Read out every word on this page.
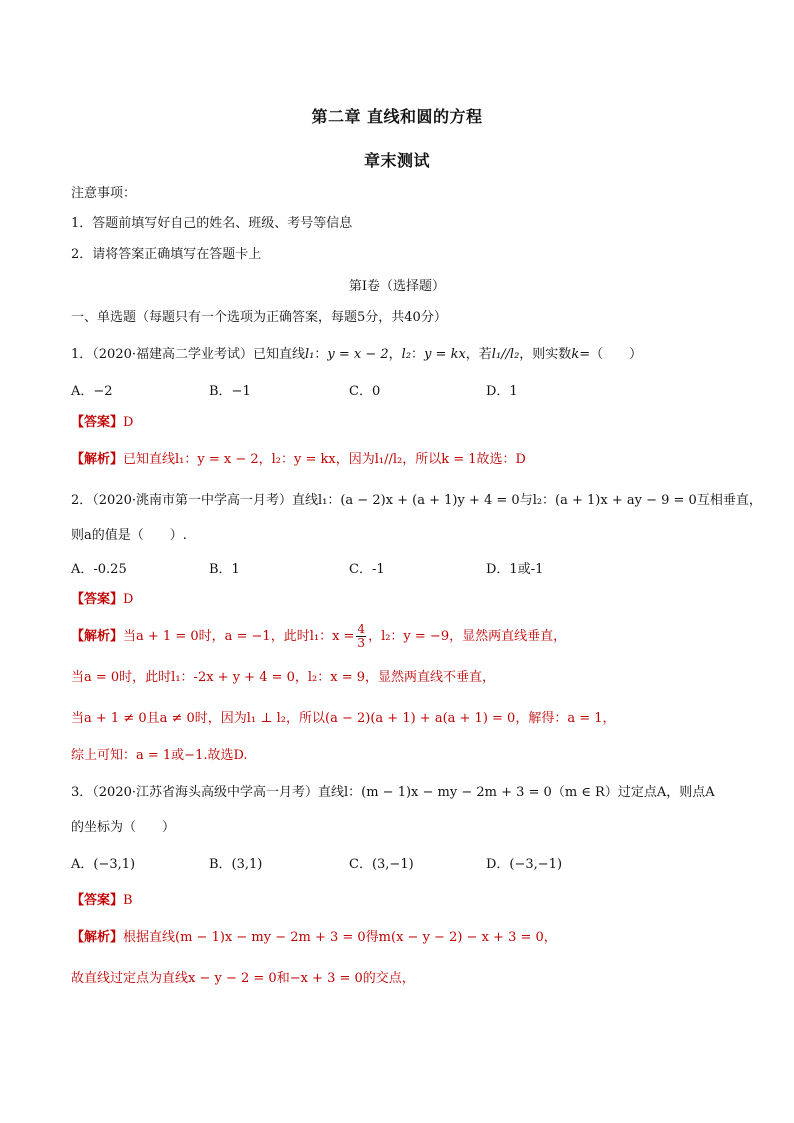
第二章 直线和圆的方程
章末测试
注意事项：
1．答题前填写好自己的姓名、班级、考号等信息
2．请将答案正确填写在答题卡上
第I卷（选择题）
一、单选题（每题只有一个选项为正确答案，每题5分，共40分）
1．（2020·福建高二学业考试）已知直线l₁：y = x − 2，l₂：y = kx，若l₁//l₂，则实数k=（　　）
A．−2	B．−1	C．0	D．1
【答案】D
【解析】已知直线l₁：y = x − 2，l₂：y = kx，因为l₁//l₂，所以k = 1故选：D
2．（2020·洮南市第一中学高一月考）直线l₁：(a − 2)x + (a + 1)y + 4 = 0与l₂：(a + 1)x + ay − 9 = 0互相垂直，
则a的值是（　　）.
A．-0.25	B．1	C．-1	D．1或-1
【答案】D
【解析】当a + 1 = 0时，a = −1，此时l₁：$x = \frac{4}{3}$ ，l₂：y = −9，显然两直线垂直，
当a = 0时，此时l₁：-2x + y + 4 = 0，l₂：x = 9，显然两直线不垂直，
当a + 1 ≠ 0且a ≠ 0时，因为l₁ ⊥ l₂，所以(a − 2)(a + 1) + a(a + 1) = 0，解得：a = 1，
综上可知：a = 1或−1.故选D.
3．（2020·江苏省海头高级中学高一月考）直线l：(m − 1)x − my − 2m + 3 = 0（m ∈ R）过定点A，则点A
的坐标为（　　）
A．(−3,1)	B．(3,1)	C．(3,−1)	D．(−3,−1)
【答案】B
【解析】根据直线(m − 1)x − my − 2m + 3 = 0得m(x − y − 2) − x + 3 = 0，
故直线过定点为直线x − y − 2 = 0和−x + 3 = 0的交点，
